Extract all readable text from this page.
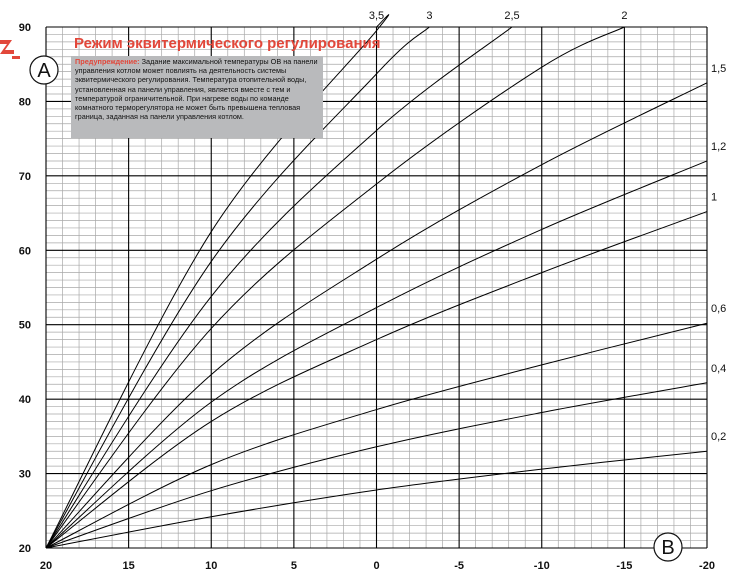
20	15	10	5	0	-5	-10	-15	-20
20
30
40
50
60
70
80
90
0,2
0,4
0,6
1
1,2
1,5
2
2,5
3
3,5
A
B
Режим эквитермического регулирования
Предупреждение: Задание максимальной температуры ОВ на панели управления котлом может повлиять на деятельность системы эквитермического регулирования. Температура отопительной воды, установленная на панели управления, является вместе с тем и температурой ограничительной. При нагреве воды по команде комнатного терморегулятора не может быть превышена тепловая граница, заданная на панели управления котлом.
